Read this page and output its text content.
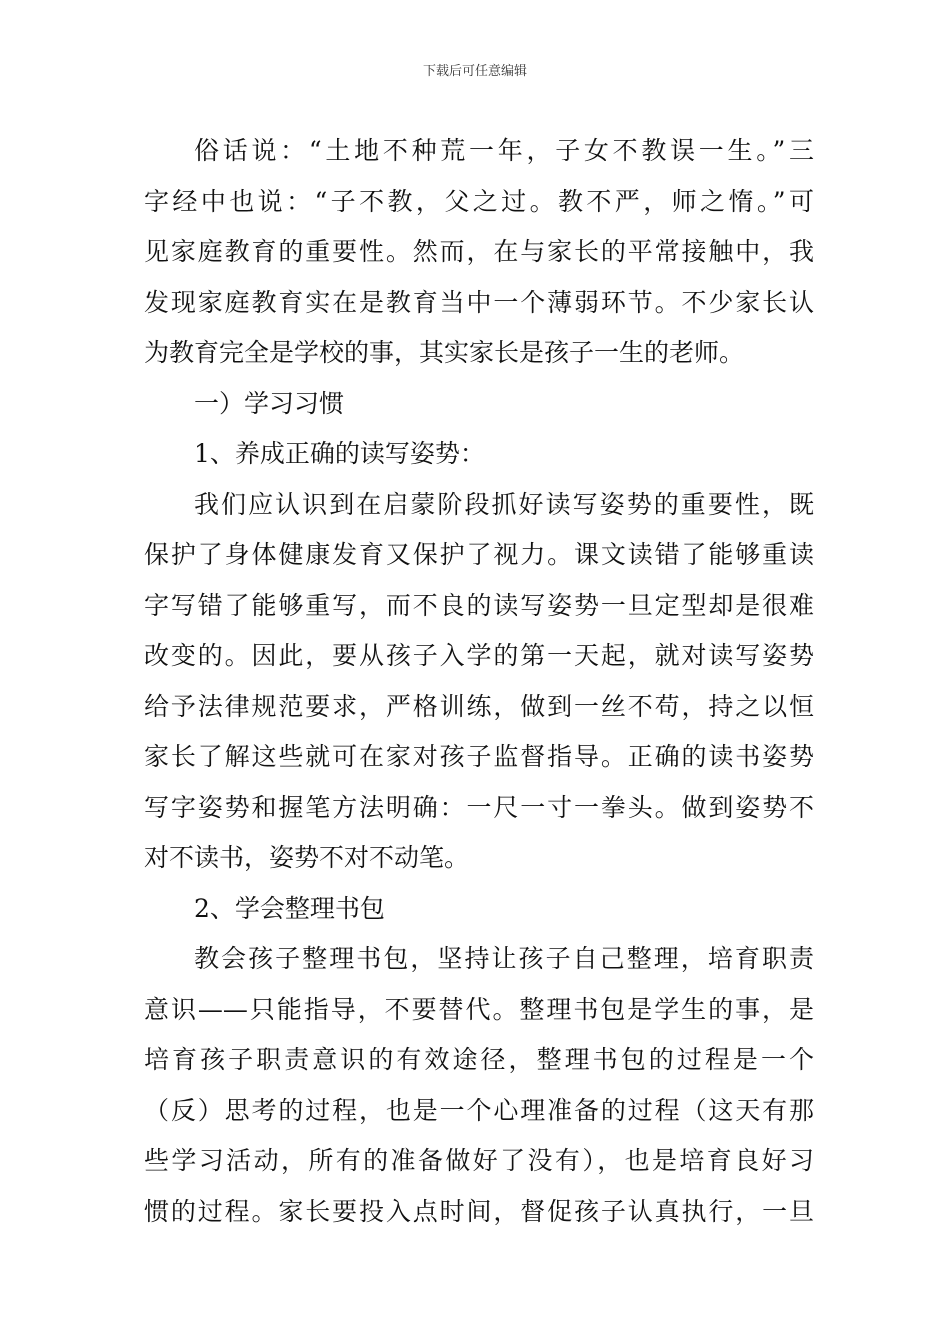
下载后可任意编辑
俗话说：“土地不种荒一年，子女不教误一生。”三
字经中也说：“子不教，父之过。教不严，师之惰。”可
见家庭教育的重要性。然而，在与家长的平常接触中，我
发现家庭教育实在是教育当中一个薄弱环节。不少家长认
为教育完全是学校的事，其实家长是孩子一生的老师。
一）学习习惯
1、养成正确的读写姿势：
我们应认识到在启蒙阶段抓好读写姿势的重要性，既
保护了身体健康发育又保护了视力。课文读错了能够重读
字写错了能够重写，而不良的读写姿势一旦定型却是很难
改变的。因此，要从孩子入学的第一天起，就对读写姿势
给予法律规范要求，严格训练，做到一丝不苟，持之以恒
家长了解这些就可在家对孩子监督指导。正确的读书姿势
写字姿势和握笔方法明确：一尺一寸一拳头。做到姿势不
对不读书，姿势不对不动笔。
2、学会整理书包
教会孩子整理书包，坚持让孩子自己整理，培育职责
意识——只能指导，不要替代。整理书包是学生的事，是
培育孩子职责意识的有效途径，整理书包的过程是一个
（反）思考的过程，也是一个心理准备的过程（这天有那
些学习活动，所有的准备做好了没有），也是培育良好习
惯的过程。家长要投入点时间，督促孩子认真执行，一旦
